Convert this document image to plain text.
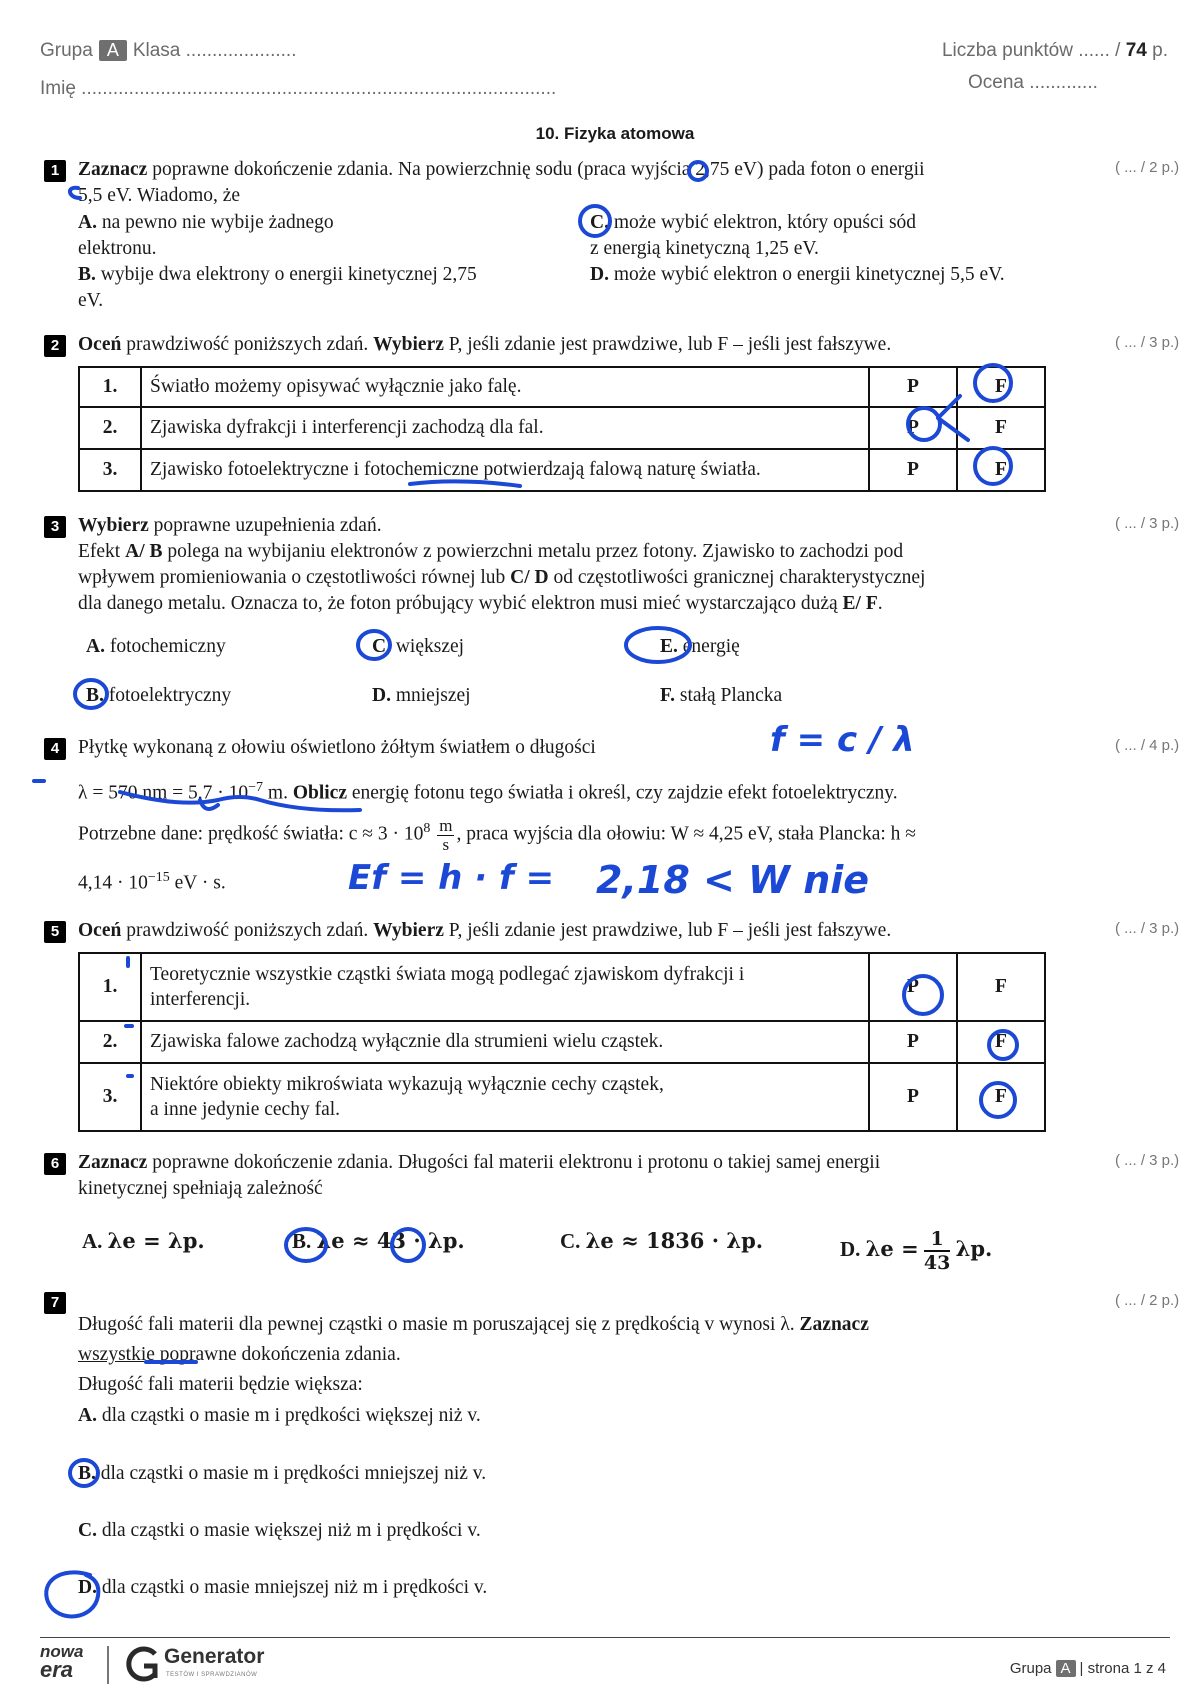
Grupa A Klasa .....................
Imię ..........................................................................................
Liczba punktów ...... / 74 p.
Ocena .............
10. Fizyka atomowa
1	( ... / 2 p.)
Zaznacz poprawne dokończenie zdania. Na powierzchnię sodu (praca wyjścia 2,75 eV) pada foton o energii
5,5 eV. Wiadomo, że
A. na pewno nie wybije żadnego
elektronu.
B. wybije dwa elektrony o energii kinetycznej 2,75
eV.
C. może wybić elektron, który opuści sód
z energią kinetyczną 1,25 eV.
D. może wybić elektron o energii kinetycznej 5,5 eV.
2	( ... / 3 p.)
Oceń prawdziwość poniższych zdań. Wybierz P, jeśli zdanie jest prawdziwe, lub F – jeśli jest fałszywe.
1.	Światło możemy opisywać wyłącznie jako falę.	P	F
2.	Zjawiska dyfrakcji i interferencji zachodzą dla fal.	P	F
3.	Zjawisko fotoelektryczne i fotochemiczne potwierdzają falową naturę światła.	P	F
3	( ... / 3 p.)
Wybierz poprawne uzupełnienia zdań.
Efekt A/ B polega na wybijaniu elektronów z powierzchni metalu przez fotony. Zjawisko to zachodzi pod
wpływem promieniowania o częstotliwości równej lub C/ D od częstotliwości granicznej charakterystycznej
dla danego metalu. Oznacza to, że foton próbujący wybić elektron musi mieć wystarczająco dużą E/ F.
A. fotochemiczny	C. większej	E. energię
B. fotoelektryczny	D. mniejszej	F. stałą Plancka
4	( ... / 4 p.)
Płytkę wykonaną z ołowiu oświetlono żółtym światłem o długości
λ = 570 nm = $5,7 \cdot 10^{-7}$ m. Oblicz energię fotonu tego światła i określ, czy zajdzie efekt fotoelektryczny.
Potrzebne dane: prędkość światła: $c \approx 3 \cdot 10^8 \frac{m}{s}$ , praca wyjścia dla ołowiu: W ≈ 4,25 eV, stała Plancka: h ≈
$4,14 \cdot 10^{-15}$ eV · s.
f = c / λ
Ef = h · f = 2,18 < W nie
5	( ... / 3 p.)
Oceń prawdziwość poniższych zdań. Wybierz P, jeśli zdanie jest prawdziwe, lub F – jeśli jest fałszywe.
1.	Teoretycznie wszystkie cząstki świata mogą podlegać zjawiskom dyfrakcji i
interferencji.	P	F
2.	Zjawiska falowe zachodzą wyłącznie dla strumieni wielu cząstek.	P	F
3.	Niektóre obiekty mikroświata wykazują wyłącznie cechy cząstek,
a inne jedynie cechy fal.	P	F
6	( ... / 3 p.)
Zaznacz poprawne dokończenie zdania. Długości fal materii elektronu i protonu o takiej samej energii
kinetycznej spełniają zależność
A. λe = λp.	B. λe ≈ 43 · λp.	C. λe ≈ 1836 · λp.	D. $\lambda e = \frac{1}{43} \lambda p$.
7	( ... / 2 p.)
Długość fali materii dla pewnej cząstki o masie m poruszającej się z prędkością v wynosi λ. Zaznacz
wszystkie poprawne dokończenia zdania.
Długość fali materii będzie większa:
A. dla cząstki o masie m i prędkości większej niż v.
B. dla cząstki o masie m i prędkości mniejszej niż v.
C. dla cząstki o masie większej niż m i prędkości v.
D. dla cząstki o masie mniejszej niż m i prędkości v.
nowa
era
Generator
TESTÓW I SPRAWDZIANÓW	Grupa A | strona 1 z 4
